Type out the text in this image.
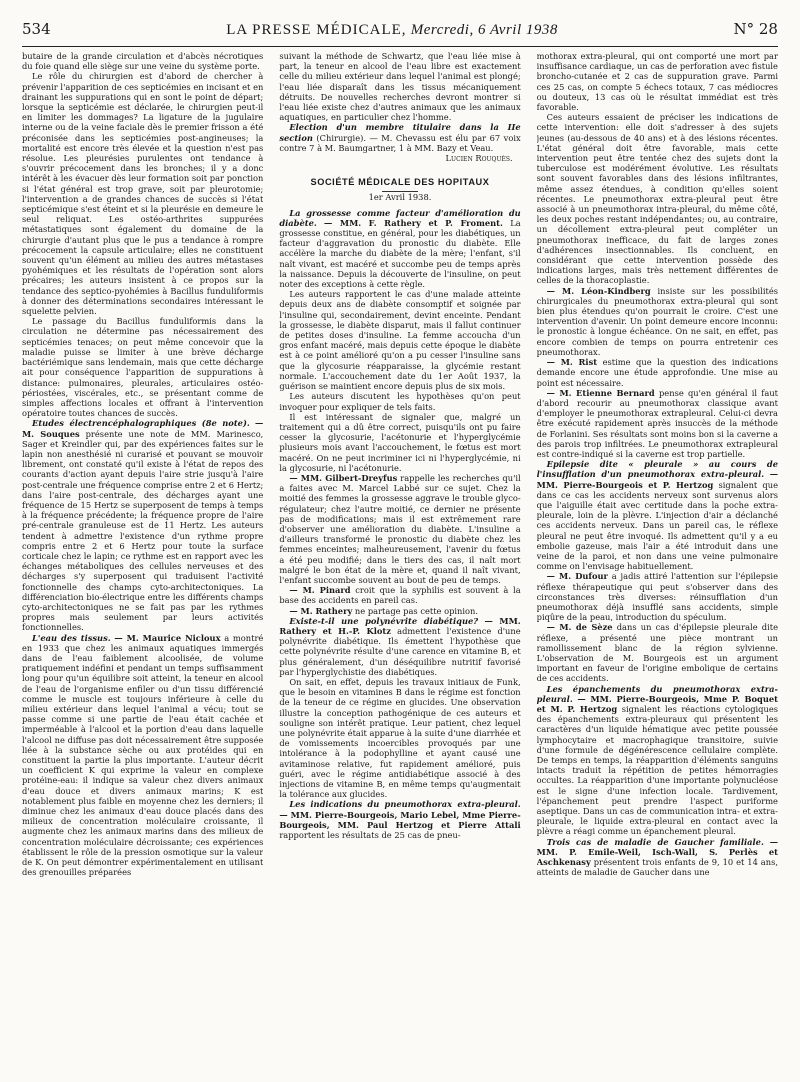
534	LA PRESSE MÉDICALE, Mercredi, 6 Avril 1938	N° 28

butaire de la grande circulation et d'abcès nécrotiques du foie quand elle siège sur une veine du système porte.

Le rôle du chirurgien est d'abord de chercher à prévenir l'apparition de ces septicémies en incisant et en drainant les suppurations qui en sont le point de départ; lorsque la septicémie est déclarée, le chirurgien peut-il en limiter les dommages? La ligature de la jugulaire interne ou de la veine faciale dès le premier frisson a été préconisée dans les septicémies post-angineuses; la mortalité est encore très élevée et la question n'est pas résolue. Les pleurésies purulentes ont tendance à s'ouvrir précocement dans les bronches; il y a donc intérêt à les évacuer dès leur formation soit par ponction si l'état général est trop grave, soit par pleurotomie; l'intervention a de grandes chances de succès si l'état septicémique s'est éteint et si la pleurésie en demeure le seul reliquat. Les ostéo-arthrites suppurées métastatiques sont également du domaine de la chirurgie d'autant plus que le pus a tendance à rompre précocement la capsule articulaire; elles ne constituent souvent qu'un élément au milieu des autres métastases pyohémiques et les résultats de l'opération sont alors précaires; les auteurs insistent à ce propos sur la tendance des septico-pyohémies à Bacillus funduliformis à donner des déterminations secondaires intéressant le squelette pelvien.

Le passage du Bacillus funduliformis dans la circulation ne détermine pas nécessairement des septicémies tenaces; on peut même concevoir que la maladie puisse se limiter à une brève décharge bactériémique sans lendemain, mais que cette décharge ait pour conséquence l'apparition de suppurations à distance: pulmonaires, pleurales, articulaires ostéo-périostées, viscérales, etc., se présentant comme de simples affections locales et offrant à l'intervention opératoire toutes chances de succès.

Etudes électrencéphalographiques (8e note). — M. Souques présente une note de MM. Marinesco, Sager et Kreindler qui, par des expériences faites sur le lapin non anesthésié ni curarisé et pouvant se mouvoir librement, ont constaté qu'il existe à l'état de repos des courants d'action ayant depuis l'aire strie jusqu'à l'aire post-centrale une fréquence comprise entre 2 et 6 Hertz; dans l'aire post-centrale, des décharges ayant une fréquence de 15 Hertz se superposent de temps à temps à la fréquence précédente; la fréquence propre de l'aire pré-centrale granuleuse est de 11 Hertz. Les auteurs tendent à admettre l'existence d'un rythme propre compris entre 2 et 6 Hertz pour toute la surface corticale chez le lapin; ce rythme est en rapport avec les échanges métaboliques des cellules nerveuses et des décharges s'y superposent qui traduisent l'activité fonctionnelle des champs cyto-architectoniques. La différenciation bio-électrique entre les différents champs cyto-architectoniques ne se fait pas par les rythmes propres mais seulement par leurs activités fonctionnelles.

L'eau des tissus. — M. Maurice Nicloux a montré en 1933 que chez les animaux aquatiques immergés dans de l'eau faiblement alcoolisée, de volume pratiquement indéfini et pendant un temps suffisamment long pour qu'un équilibre soit atteint, la teneur en alcool de l'eau de l'organisme enfiler ou d'un tissu différencié comme le muscle est toujours inférieure à celle du milieu extérieur dans lequel l'animal a vécu; tout se passe comme si une partie de l'eau était cachée et imperméable à l'alcool et la portion d'eau dans laquelle l'alcool ne diffuse pas doit nécessairement être supposée liée à la substance sèche ou aux protéides qui en constituent la partie la plus importante. L'auteur décrit un coefficient K qui exprime la valeur en complexe protéine-eau: il indique sa valeur chez divers animaux d'eau douce et divers animaux marins; K est notablement plus faible en moyenne chez les derniers; il diminue chez les animaux d'eau douce placés dans des milieux de concentration moléculaire croissante, il augmente chez les animaux marins dans des milieux de concentration moléculaire décroissante; ces expériences établissent le rôle de la pression osmotique sur la valeur de K. On peut démontrer expérimentalement en utilisant des grenouilles préparées

suivant la méthode de Schwartz, que l'eau liée mise à part, la teneur en alcool de l'eau libre est exactement celle du milieu extérieur dans lequel l'animal est plongé; l'eau liée disparaît dans les tissus mécaniquement détruits. De nouvelles recherches devront montrer si l'eau liée existe chez d'autres animaux que les animaux aquatiques, en particulier chez l'homme.

Election d'un membre titulaire dans la IIe section (Chirurgie). — M. Chevassu est élu par 67 voix contre 7 à M. Baumgartner, 1 à MM. Bazy et Veau.

Lucien Rouquès.

SOCIÉTÉ MÉDICALE DES HOPITAUX
1er Avril 1938.

La grossesse comme facteur d'amélioration du diabète. — MM. F. Rathery et P. Froment. La grossesse constitue, en général, pour les diabétiques, un facteur d'aggravation du pronostic du diabète. Elle accélère la marche du diabète de la mère; l'enfant, s'il naît vivant, est macéré et succombe peu de temps après la naissance. Depuis la découverte de l'insuline, on peut noter des exceptions à cette règle.

Les auteurs rapportent le cas d'une malade atteinte depuis deux ans de diabète consomptif et soignée par l'insuline qui, secondairement, devint enceinte. Pendant la grossesse, le diabète disparut, mais il fallut continuer de petites doses d'insuline. La femme accoucha d'un gros enfant macéré, mais depuis cette époque le diabète est à ce point amélioré qu'on a pu cesser l'insuline sans que la glycosurie réapparaisse, la glycémie restant normale. L'accouchement date du 1er Août 1937, la guérison se maintient encore depuis plus de six mois.

Les auteurs discutent les hypothèses qu'on peut invoquer pour expliquer de tels faits.

Il est intéressant de signaler que, malgré un traitement qui a dû être correct, puisqu'ils ont pu faire cesser la glycosurie, l'acétonurie et l'hyperglycémie plusieurs mois avant l'accouchement, le fœtus est mort macéré. On ne peut incriminer ici ni l'hyperglycémie, ni la glycosurie, ni l'acétonurie.

— MM. Gilbert-Dreyfus rappelle les recherches qu'il a faites avec M. Marcel Labbé sur ce sujet. Chez la moitié des femmes la grossesse aggrave le trouble glyco-régulateur; chez l'autre moitié, ce dernier ne présente pas de modifications; mais il est extrêmement rare d'observer une amélioration du diabète. L'insuline a d'ailleurs transformé le pronostic du diabète chez les femmes enceintes; malheureusement, l'avenir du fœtus a été peu modifié; dans le tiers des cas, il naît mort malgré le bon état de la mère et, quand il naît vivant, l'enfant succombe souvent au bout de peu de temps.

— M. Pinard croit que la syphilis est souvent à la base des accidents en pareil cas.

— M. Rathery ne partage pas cette opinion.

Existe-t-il une polynévrite diabétique? — MM. Rathery et H.-P. Klotz admettent l'existence d'une polynévrite diabétique. Ils émettent l'hypothèse que cette polynévrite résulte d'une carence en vitamine B, et plus généralement, d'un déséquilibre nutritif favorisé par l'hyperglychistie des diabétiques.

On sait, en effet, depuis les travaux initiaux de Funk, que le besoin en vitamines B dans le régime est fonction de la teneur de ce régime en glucides. Une observation illustre la conception pathogénique de ces auteurs et souligne son intérêt pratique. Leur patient, chez lequel une polynévrite était apparue à la suite d'une diarrhée et de vomissements incoercibles provoqués par une intolérance à la podophylline et ayant causé une avitaminose relative, fut rapidement amélioré, puis guéri, avec le régime antidiabétique associé à des injections de vitamine B, en même temps qu'augmentait la tolérance aux glucides.

Les indications du pneumothorax extra-pleural. — MM. Pierre-Bourgeois, Mario Lebel, Mme Pierre-Bourgeois, MM. Paul Hertzog et Pierre Attali rapportent les résultats de 25 cas de pneu-

mothorax extra-pleural, qui ont comporté une mort par insuffisance cardiaque, un cas de perforation avec fistule broncho-cutanée et 2 cas de suppuration grave. Parmi ces 25 cas, on compte 5 échecs totaux, 7 cas médiocres ou douteux, 13 cas où le résultat immédiat est très favorable.

Ces auteurs essaient de préciser les indications de cette intervention: elle doit s'adresser à des sujets jeunes (au-dessous de 40 ans) et à des lésions récentes. L'état général doit être favorable, mais cette intervention peut être tentée chez des sujets dont la tuberculose est modérément évolutive. Les résultats sont souvent favorables dans des lésions infiltrantes, même assez étendues, à condition qu'elles soient récentes. Le pneumothorax extra-pleural peut être associé à un pneumothorax intra-pleural, du même côté, les deux poches restant indépendantes; ou, au contraire, un décollement extra-pleural peut compléter un pneumothorax inefficace, du fait de larges zones d'adhérences insectionnables. Ils concluent, en considérant que cette intervention possède des indications larges, mais très nettement différentes de celles de la thoracoplastie.

— M. Léon-Kindberg insiste sur les possibilités chirurgicales du pneumothorax extra-pleural qui sont bien plus étendues qu'on pourrait le croire. C'est une intervention d'avenir. Un point demeure encore inconnu: le pronostic à longue échéance. On ne sait, en effet, pas encore combien de temps on pourra entretenir ces pneumothorax.

— M. Rist estime que la question des indications demande encore une étude approfondie. Une mise au point est nécessaire.

— M. Etienne Bernard pense qu'en général il faut d'abord recourir au pneumothorax classique avant d'employer le pneumothorax extrapleural. Celui-ci devra être exécuté rapidement après insuccès de la méthode de Forlanini. Ses résultats sont moins bon si la caverne a des parois trop infiltrées. Le pneumothorax extrapleural est contre-indiqué si la caverne est trop partielle.

Epilepsie dite « pleurale » au cours de l'insufflation d'un pneumothorax extra-pleural. — MM. Pierre-Bourgeois et P. Hertzog signalent que dans ce cas les accidents nerveux sont survenus alors que l'aiguille était avec certitude dans la poche extra-pleurale, loin de la plèvre. L'injection d'air a déclanché ces accidents nerveux. Dans un pareil cas, le réflexe pleural ne peut être invoqué. Ils admettent qu'il y a eu embolie gazeuse, mais l'air a été introduit dans une veine de la paroi, et non dans une veine pulmonaire comme on l'envisage habituellement.

— M. Dufour a jadis attiré l'attention sur l'épilepsie réflexe thérapeutique qui peut s'observer dans des circonstances très diverses: réinsufflation d'un pneumothorax déjà insufflé sans accidents, simple piqûre de la peau, introduction du spéculum.

— M. de Sèze dans un cas d'épilepsie pleurale dite réflexe, a présenté une pièce montrant un ramollissement blanc de la région sylvienne. L'observation de M. Bourgeois est un argument important en faveur de l'origine embolique de certains de ces accidents.

Les épanchements du pneumothorax extra-pleural. — MM. Pierre-Bourgeois, Mme P. Boquet et M. P. Hertzog signalent les réactions cytologiques des épanchements extra-pleuraux qui présentent les caractères d'un liquide hématique avec petite poussée lymphocytaire et macrophagique transitoire, suivie d'une formule de dégénérescence cellulaire complète. De temps en temps, la réapparition d'éléments sanguins intacts traduit la répétition de petites hémorragies occultes. La réapparition d'une importante polynucléose est le signe d'une infection locale. Tardivement, l'épanchement peut prendre l'aspect puriforme aseptique. Dans un cas de communication intra- et extra-pleurale, le liquide extra-pleural en contact avec la plèvre a réagi comme un épanchement pleural.

Trois cas de maladie de Gaucher familiale. — MM. P. Emile-Weil, Isch-Wall, S. Perlès et Aschkenasy présentent trois enfants de 9, 10 et 14 ans, atteints de maladie de Gaucher dans une
